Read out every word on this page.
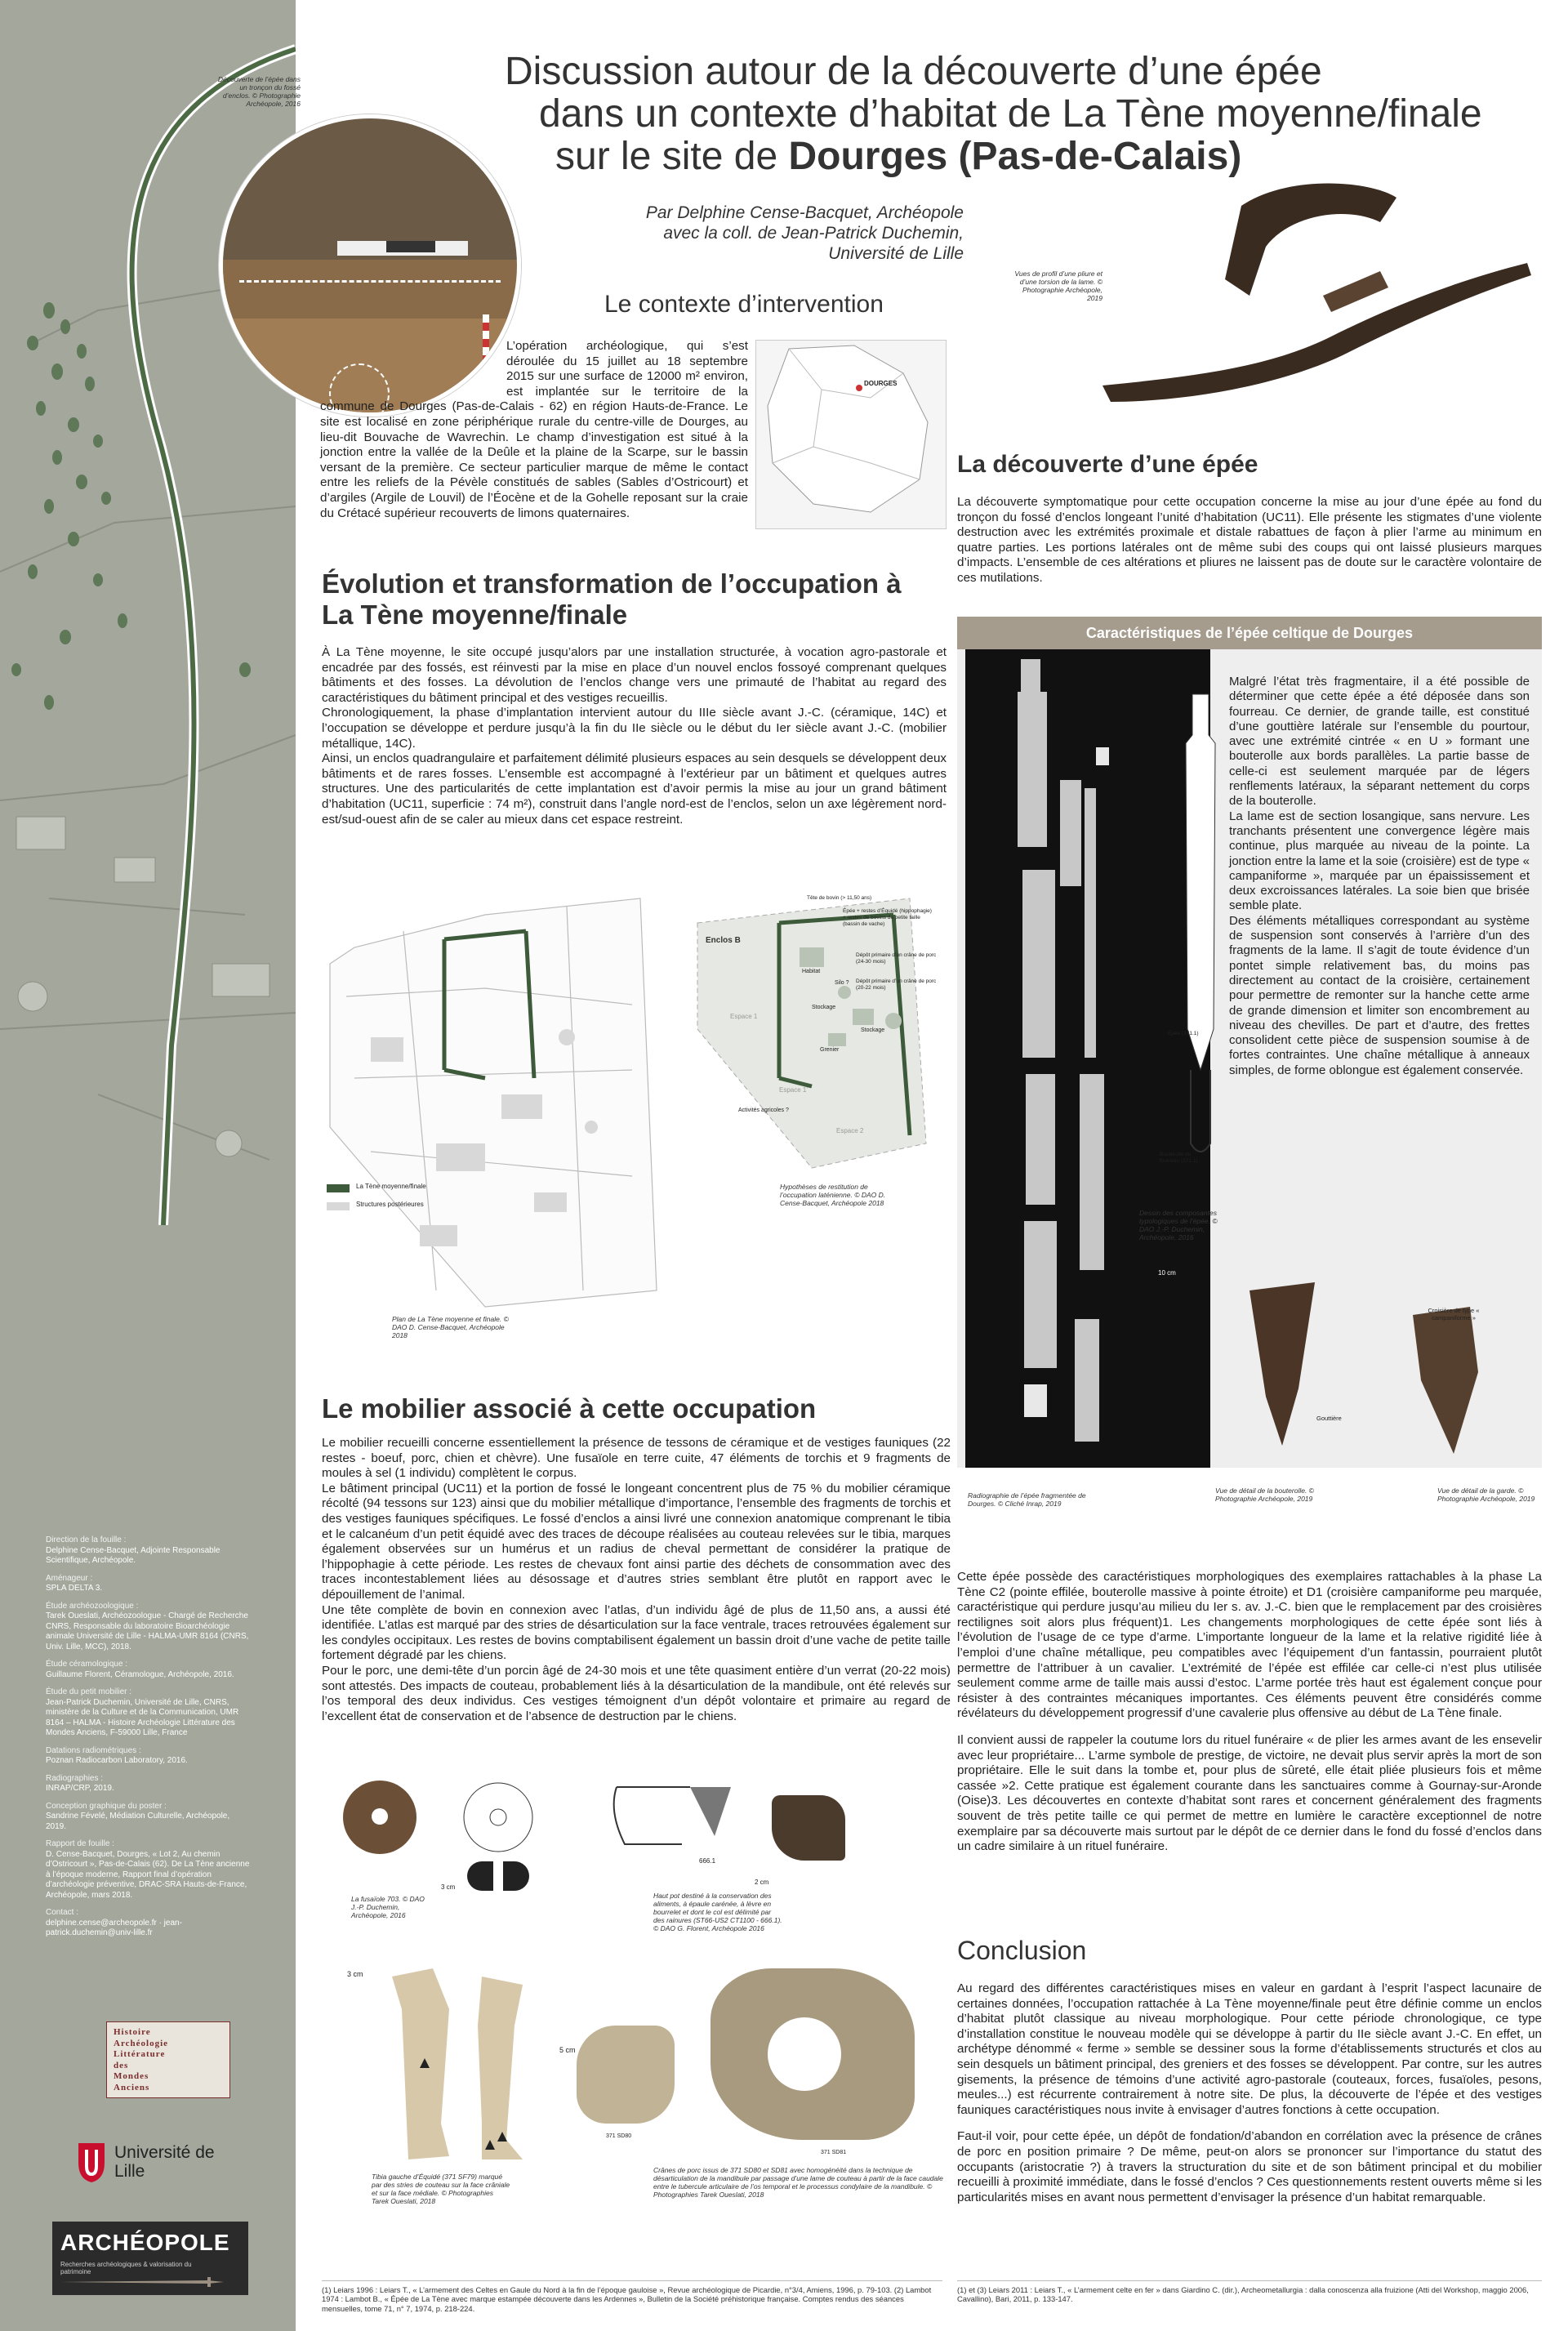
Direction de la fouille :
Delphine Cense-Bacquet, Adjointe Responsable Scientifique, Archéopole.

Aménageur :
SPLA DELTA 3.

Étude archéozoologique :
Tarek Oueslati, Archéozoologue - Chargé de Recherche CNRS, Responsable du laboratoire Bioarchéologie animale Université de Lille - HALMA-UMR 8164 (CNRS, Univ. Lille, MCC), 2018.

Étude céramologique :
Guillaume Florent, Céramologue, Archéopole, 2016.

Étude du petit mobilier :
Jean-Patrick Duchemin, Université de Lille, CNRS, ministère de la Culture et de la Communication, UMR 8164 – HALMA - Histoire Archéologie Littérature des Mondes Anciens, F-59000 Lille, France

Datations radiométriques :
Poznan Radiocarbon Laboratory, 2016.

Radiographies :
INRAP/CRP, 2019.

Conception graphique du poster :
Sandrine Févelé, Médiation Culturelle, Archéopole, 2019.

Rapport de fouille :
D. Cense-Bacquet, Dourges, « Lot 2, Au chemin d’Ostricourt », Pas-de-Calais (62). De La Tène ancienne à l’époque moderne, Rapport final d’opération d’archéologie préventive, DRAC-SRA Hauts-de-France, Archéopole, mars 2018.

Contact :
delphine.cense@archeopole.fr · jean-patrick.duchemin@univ-lille.fr

Histoire
Archéologie
Littérature
des
Mondes
Anciens
Université de Lille
ARCHÉOPOLE
Recherches archéologiques & valorisation du patrimoine
Découverte de l’épée dans un tronçon du fossé d’enclos. © Photographie Archéopole, 2016
Discussion autour de la découverte d’une épée
dans un contexte d’habitat de La Tène moyenne/finale
sur le site de Dourges (Pas-de-Calais)
Par Delphine Cense-Bacquet, Archéopole
avec la coll. de Jean-Patrick Duchemin,
Université de Lille
Le contexte d’intervention
L’opération archéologique, qui s’est déroulée du 15 juillet au 18 septembre 2015 sur une surface de 12000 m² environ, est implantée sur le territoire de la commune de Dourges (Pas-de-Calais - 62) en région Hauts-de-France. Le site est localisé en zone périphérique rurale du centre-ville de Dourges, au lieu-dit Bouvache de Wavrechin. Le champ d’investigation est situé à la jonction entre la vallée de la Deûle et la plaine de la Scarpe, sur le bassin versant de la première. Ce secteur particulier marque de même le contact entre les reliefs de la Pévèle constitués de sables (Sables d’Ostricourt) et d’argiles (Argile de Louvil) de l’Éocène et de la Gohelle reposant sur la craie du Crétacé supérieur recouverts de limons quaternaires.
DOURGES
Évolution et transformation de l’occupation à La Tène moyenne/finale
À La Tène moyenne, le site occupé jusqu’alors par une installation structurée, à vocation agro-pastorale et encadrée par des fossés, est réinvesti par la mise en place d’un nouvel enclos fossoyé comprenant quelques bâtiments et des fosses. La dévolution de l’enclos change vers une primauté de l’habitat au regard des caractéristiques du bâtiment principal et des vestiges recueillis.
Chronologiquement, la phase d’implantation intervient autour du IIIe siècle avant J.-C. (céramique, 14C) et l’occupation se développe et perdure jusqu’à la fin du IIe siècle ou le début du Ier siècle avant J.-C. (mobilier métallique, 14C).
Ainsi, un enclos quadrangulaire et parfaitement délimité plusieurs espaces au sein desquels se développent deux bâtiments et de rares fosses. L’ensemble est accompagné à l’extérieur par un bâtiment et quelques autres structures. Une des particularités de cette implantation est d’avoir permis la mise au jour un grand bâtiment d’habitation (UC11, superficie : 74 m²), construit dans l’angle nord-est de l’enclos, selon un axe légèrement nord-est/sud-ouest afin de se caler au mieux dans cet espace restreint.
La Tène moyenne/finale
Structures postérieures
Enclos B
Habitat
Silo ?
Stockage
Grenier
Espace 1
Espace 1’
Espace 2
Activités agricoles ?
Stockage
Tête de bovin (> 11,50 ans)
Épée + restes d’Équidé (hippophagie) + restes de bovins de petite taille (bassin de vache)
Dépôt primaire d’un crâne de porc (24-30 mois)
Dépôt primaire d’un crâne de porc (20-22 mois)
Plan de La Tène moyenne et finale. © DAO D. Cense-Bacquet, Archéopole 2018
Hypothèses de restitution de l’occupation laténienne. © DAO D. Cense-Bacquet, Archéopole 2018
Le mobilier associé à cette occupation
Le mobilier recueilli concerne essentiellement la présence de tessons de céramique et de vestiges fauniques (22 restes - boeuf, porc, chien et chèvre). Une fusaïole en terre cuite, 47 éléments de torchis et 9 fragments de moules à sel (1 individu) complètent le corpus.
Le bâtiment principal (UC11) et la portion de fossé le longeant concentrent plus de 75 % du mobilier céramique récolté (94 tessons sur 123) ainsi que du mobilier métallique d’importance, l’ensemble des fragments de torchis et des vestiges fauniques spécifiques. Le fossé d’enclos a ainsi livré une connexion anatomique comprenant le tibia et le calcanéum d’un petit équidé avec des traces de découpe réalisées au couteau relevées sur le tibia, marques également observées sur un humérus et un radius de cheval permettant de considérer la pratique de l’hippophagie à cette période. Les restes de chevaux font ainsi partie des déchets de consommation avec des traces incontestablement liées au désossage et d’autres stries semblant être plutôt en rapport avec le dépouillement de l’animal.
Une tête complète de bovin en connexion avec l’atlas, d’un individu âgé de plus de 11,50 ans, a aussi été identifiée. L’atlas est marqué par des stries de désarticulation sur la face ventrale, traces retrouvées également sur les condyles occipitaux. Les restes de bovins comptabilisent également un bassin droit d’une vache de petite taille fortement dégradé par les chiens.
Pour le porc, une demi-tête d’un porcin âgé de 24-30 mois et une tête quasiment entière d’un verrat (20-22 mois) sont attestés. Des impacts de couteau, probablement liés à la désarticulation de la mandibule, ont été relevés sur l’os temporal des deux individus. Ces vestiges témoignent d’un dépôt volontaire et primaire au regard de l’excellent état de conservation et de l’absence de destruction par le chiens.
3 cm
La fusaïole 703. © DAO J.-P. Duchemin, Archéopole, 2016
666.1
2 cm
Haut pot destiné à la conservation des aliments, à épaule carénée, à lèvre en bourrelet et dont le col est délimité par des rainures (ST66-US2 CT1100 - 666.1). © DAO G. Florent, Archéopole 2016
3 cm
Tibia gauche d’Équidé (371 SF79) marqué par des stries de couteau sur la face crâniale et sur la face médiale. © Photographies Tarek Oueslati, 2018
5 cm
371 SD80
371 SD81
Crânes de porc issus de 371 SD80 et SD81 avec homogénéité dans la technique de désarticulation de la mandibule par passage d’une lame de couteau à partir de la face caudale entre le tubercule articulaire de l’os temporal et le processus condylaire de la mandibule. © Photographies Tarek Oueslati, 2018
(1) Leiars 1996 : Leiars T., « L’armement des Celtes en Gaule du Nord à la fin de l’époque gauloise », Revue archéologique de Picardie, n°3/4, Amiens, 1996, p. 79-103. (2) Lambot 1974 : Lambot B., « Épée de La Tène avec marque estampée découverte dans les Ardennes », Bulletin de la Société préhistorique française. Comptes rendus des séances mensuelles, tome 71, n° 7, 1974, p. 218-224.
(1) et (3) Leiars 2011 : Leiars T., « L’armement celte en fer » dans Giardino C. (dir.), Archeometallurgia : dalla conoscenza alla fruizione (Atti del Workshop, maggio 2006, Cavallino), Bari, 2011, p. 133-147.
Vues de profil d’une pliure et d’une torsion de la lame. © Photographie Archéopole, 2019
La découverte d’une épée
La découverte symptomatique pour cette occupation concerne la mise au jour d’une épée au fond du tronçon du fossé d’enclos longeant l’unité d’habitation (UC11). Elle présente les stigmates d’une violente destruction avec les extrémités proximale et distale rabattues de façon à plier l’arme au minimum en quatre parties. Les portions latérales ont de même subi des coups qui ont laissé plusieurs marques d’impacts. L’ensemble de ces altérations et pliures ne laissent pas de doute sur le caractère volontaire de ces mutilations.
Caractéristiques de l’épée celtique de Dourges
Épée (371.1)
Bouterolle du fourreau (371.1)
10 cm
Dessin des composantes typologiques de l’épée. © DAO J.-P. Duchemin, Archéopole, 2016
Malgré l’état très fragmentaire, il a été possible de déterminer que cette épée a été déposée dans son fourreau. Ce dernier, de grande taille, est constitué d’une gouttière latérale sur l’ensemble du pourtour, avec une extrémité cintrée « en U » formant une bouterolle aux bords parallèles. La partie basse de celle-ci est seulement marquée par de légers renflements latéraux, la séparant nettement du corps de la bouterolle.
La lame est de section losangique, sans nervure. Les tranchants présentent une convergence légère mais continue, plus marquée au niveau de la pointe. La jonction entre la lame et la soie (croisière) est de type « campaniforme », marquée par un épaississement et deux excroissances latérales. La soie bien que brisée semble plate.
Des éléments métalliques correspondant au système de suspension sont conservés à l’arrière d’un des fragments de la lame. Il s’agit de toute évidence d’un pontet simple relativement bas, du moins pas directement au contact de la croisière, certainement pour permettre de remonter sur la hanche cette arme de grande dimension et limiter son encombrement au niveau des chevilles. De part et d’autre, des frettes consolident cette pièce de suspension soumise à de fortes contraintes. Une chaîne métallique à anneaux simples, de forme oblongue est également conservée.
Croisière de type « campaniforme »
Gouttière
Radiographie de l’épée fragmentée de Dourges. © Cliché Inrap, 2019
Vue de détail de la bouterolle. © Photographie Archéopole, 2019
Vue de détail de la garde. © Photographie Archéopole, 2019
Cette épée possède des caractéristiques morphologiques des exemplaires rattachables à la phase La Tène C2 (pointe effilée, bouterolle massive à pointe étroite) et D1 (croisière campaniforme peu marquée, caractéristique qui perdure jusqu’au milieu du Ier s. av. J.-C. bien que le remplacement par des croisières rectilignes soit alors plus fréquent)1. Les changements morphologiques de cette épée sont liés à l’évolution de l’usage de ce type d’arme. L’importante longueur de la lame et la relative rigidité liée à l’emploi d’une chaîne métallique, peu compatibles avec l’équipement d’un fantassin, pourraient plutôt permettre de l’attribuer à un cavalier. L’extrémité de l’épée est effilée car celle-ci n’est plus utilisée seulement comme arme de taille mais aussi d’estoc. L’arme portée très haut est également conçue pour résister à des contraintes mécaniques importantes. Ces éléments peuvent être considérés comme révélateurs du développement progressif d’une cavalerie plus offensive au début de La Tène finale.
Il convient aussi de rappeler la coutume lors du rituel funéraire « de plier les armes avant de les ensevelir avec leur propriétaire... L’arme symbole de prestige, de victoire, ne devait plus servir après la mort de son propriétaire. Elle le suit dans la tombe et, pour plus de sûreté, elle était pliée plusieurs fois et même cassée »2. Cette pratique est également courante dans les sanctuaires comme à Gournay-sur-Aronde (Oise)3. Les découvertes en contexte d’habitat sont rares et concernent généralement des fragments souvent de très petite taille ce qui permet de mettre en lumière le caractère exceptionnel de notre exemplaire par sa découverte mais surtout par le dépôt de ce dernier dans le fond du fossé d’enclos dans un cadre similaire à un rituel funéraire.
Conclusion
Au regard des différentes caractéristiques mises en valeur en gardant à l’esprit l’aspect lacunaire de certaines données, l’occupation rattachée à La Tène moyenne/finale peut être définie comme un enclos d’habitat plutôt classique au niveau morphologique. Pour cette période chronologique, ce type d’installation constitue le nouveau modèle qui se développe à partir du IIe siècle avant J.-C. En effet, un archétype dénommé « ferme » semble se dessiner sous la forme d’établissements structurés et clos au sein desquels un bâtiment principal, des greniers et des fosses se développent. Par contre, sur les autres gisements, la présence de témoins d’une activité agro-pastorale (couteaux, forces, fusaïoles, pesons, meules...) est récurrente contrairement à notre site. De plus, la découverte de l’épée et des vestiges fauniques caractéristiques nous invite à envisager d’autres fonctions à cette occupation.
Faut-il voir, pour cette épée, un dépôt de fondation/d’abandon en corrélation avec la présence de crânes de porc en position primaire ? De même, peut-on alors se prononcer sur l’importance du statut des occupants (aristocratie ?) à travers la structuration du site et de son bâtiment principal et du mobilier recueilli à proximité immédiate, dans le fossé d’enclos ? Ces questionnements restent ouverts même si les particularités mises en avant nous permettent d’envisager la présence d’un habitat remarquable.
